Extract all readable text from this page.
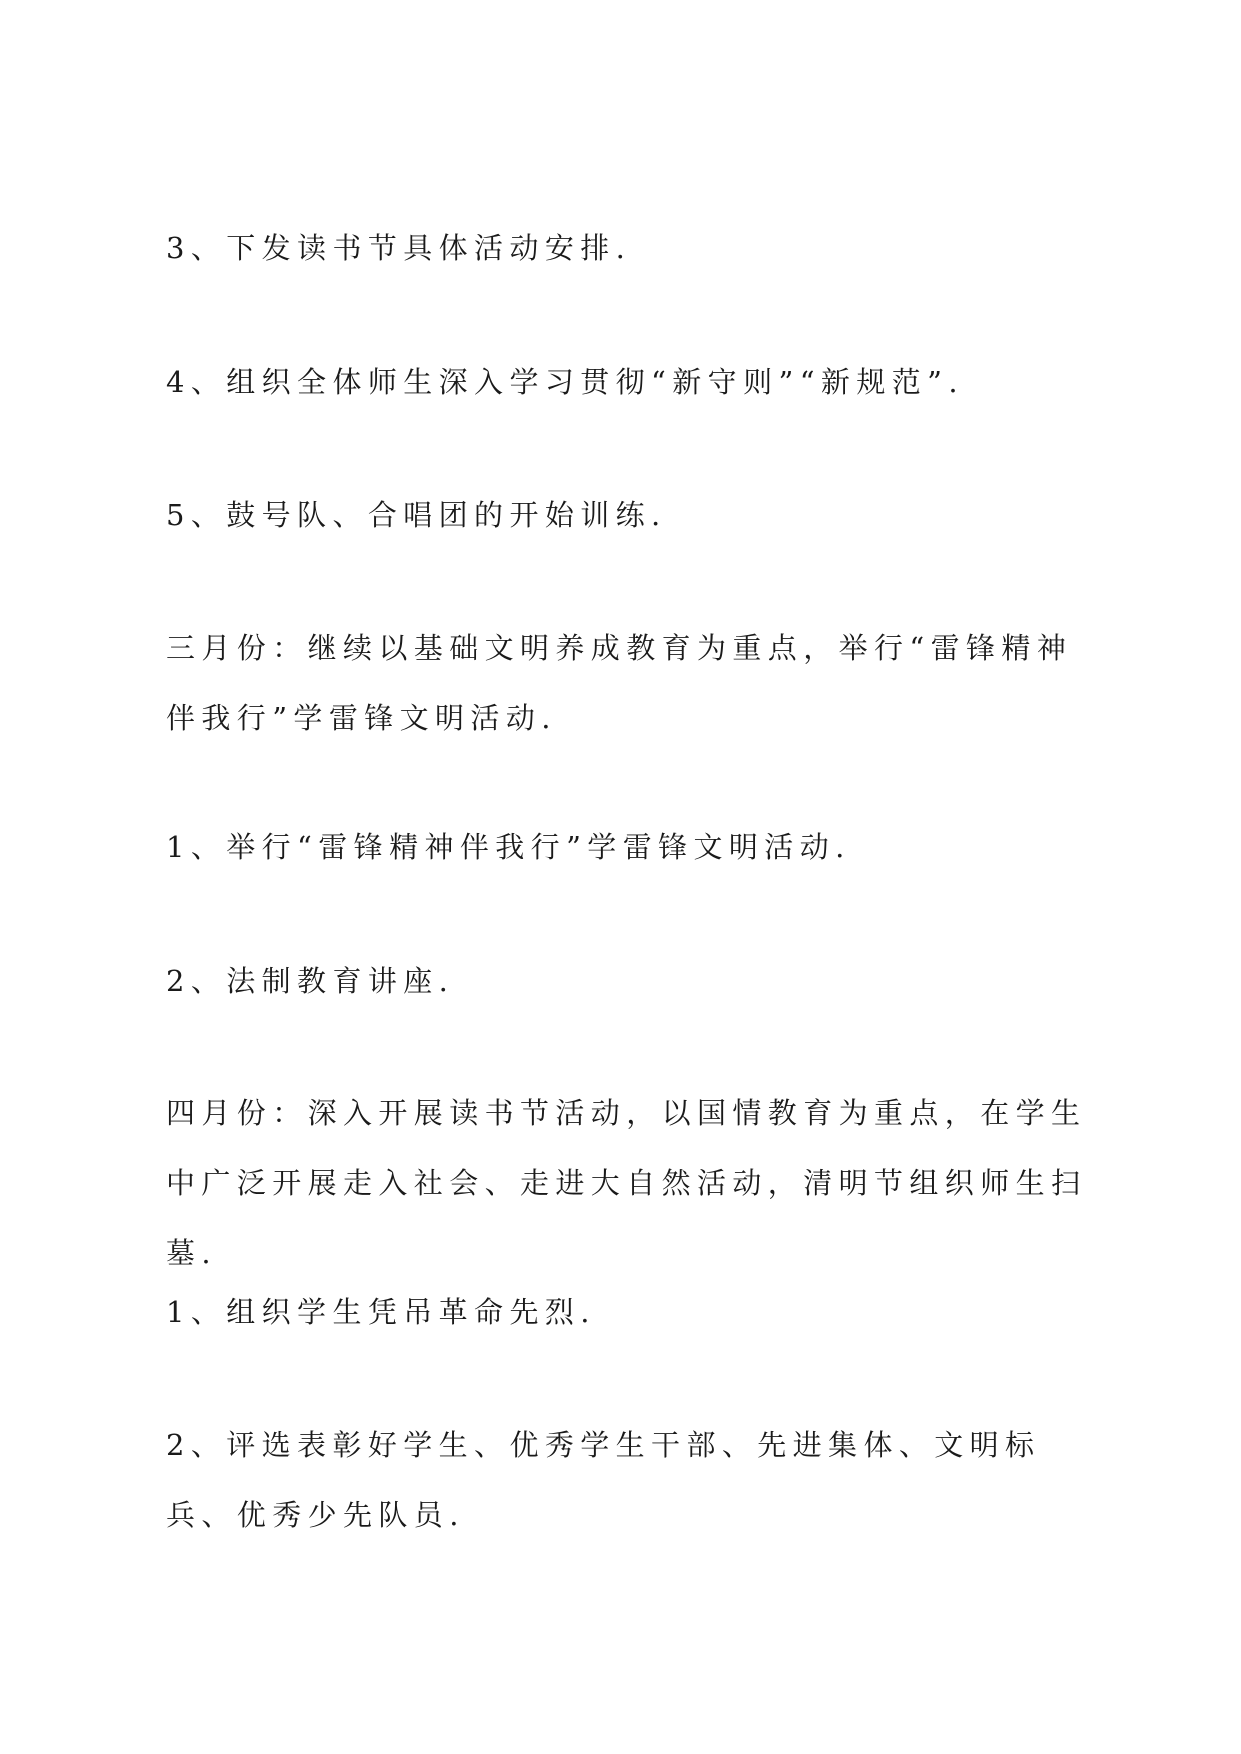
3、下发读书节具体活动安排.

4、组织全体师生深入学习贯彻“新守则”“新规范”.

5、鼓号队、合唱团的开始训练.

三月份：继续以基础文明养成教育为重点，举行“雷锋精神伴我行”学雷锋文明活动.

1、举行“雷锋精神伴我行”学雷锋文明活动.

2、法制教育讲座.

四月份：深入开展读书节活动，以国情教育为重点，在学生中广泛开展走入社会、走进大自然活动，清明节组织师生扫墓.

1、组织学生凭吊革命先烈.

2、评选表彰好学生、优秀学生干部、先进集体、文明标兵、优秀少先队员.
